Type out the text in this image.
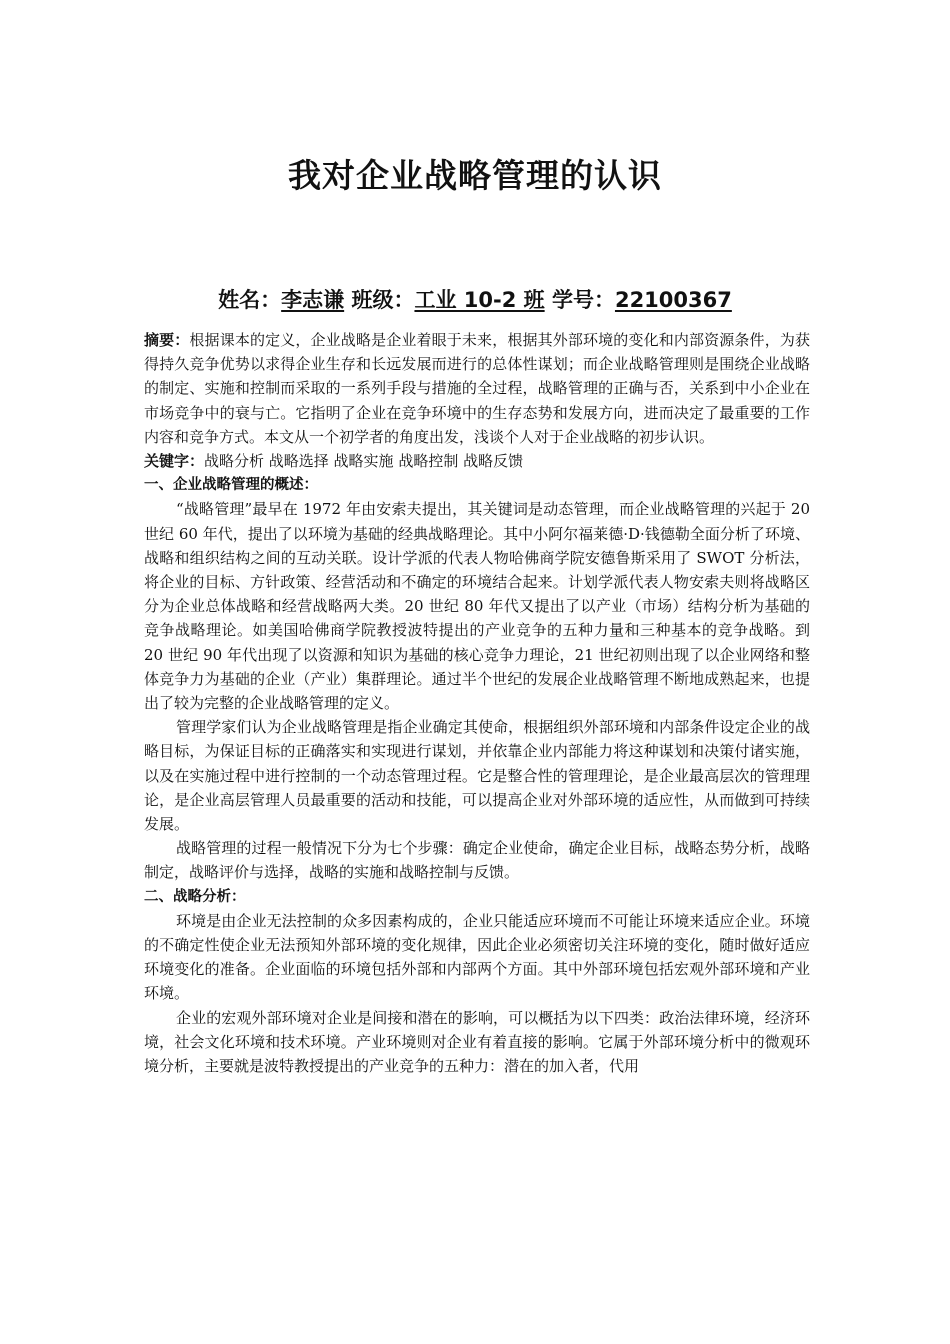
我对企业战略管理的认识
姓名：李志谦 班级：工业 10-2 班 学号：22100367

摘要：根据课本的定义，企业战略是企业着眼于未来，根据其外部环境的变化和内部资源条件，为获得持久竞争优势以求得企业生存和长远发展而进行的总体性谋划；而企业战略管理则是围绕企业战略的制定、实施和控制而采取的一系列手段与措施的全过程，战略管理的正确与否，关系到中小企业在市场竞争中的衰与亡。它指明了企业在竞争环境中的生存态势和发展方向，进而决定了最重要的工作内容和竞争方式。本文从一个初学者的角度出发，浅谈个人对于企业战略的初步认识。

关键字：战略分析 战略选择 战略实施 战略控制 战略反馈

一、企业战略管理的概述：

“战略管理”最早在 1972 年由安索夫提出，其关键词是动态管理，而企业战略管理的兴起于 20 世纪 60 年代，提出了以环境为基础的经典战略理论。其中小阿尔福莱德·D·钱德勒全面分析了环境、战略和组织结构之间的互动关联。设计学派的代表人物哈佛商学院安德鲁斯采用了 SWOT 分析法，将企业的目标、方针政策、经营活动和不确定的环境结合起来。计划学派代表人物安索夫则将战略区分为企业总体战略和经营战略两大类。20 世纪 80 年代又提出了以产业（市场）结构分析为基础的竞争战略理论。如美国哈佛商学院教授波特提出的产业竞争的五种力量和三种基本的竞争战略。到 20 世纪 90 年代出现了以资源和知识为基础的核心竞争力理论，21 世纪初则出现了以企业网络和整体竞争力为基础的企业（产业）集群理论。通过半个世纪的发展企业战略管理不断地成熟起来，也提出了较为完整的企业战略管理的定义。

管理学家们认为企业战略管理是指企业确定其使命，根据组织外部环境和内部条件设定企业的战略目标，为保证目标的正确落实和实现进行谋划，并依靠企业内部能力将这种谋划和决策付诸实施，以及在实施过程中进行控制的一个动态管理过程。它是整合性的管理理论，是企业最高层次的管理理论，是企业高层管理人员最重要的活动和技能，可以提高企业对外部环境的适应性，从而做到可持续发展。

战略管理的过程一般情况下分为七个步骤：确定企业使命，确定企业目标，战略态势分析，战略制定，战略评价与选择，战略的实施和战略控制与反馈。

二、战略分析：

环境是由企业无法控制的众多因素构成的，企业只能适应环境而不可能让环境来适应企业。环境的不确定性使企业无法预知外部环境的变化规律，因此企业必须密切关注环境的变化，随时做好适应环境变化的准备。企业面临的环境包括外部和内部两个方面。其中外部环境包括宏观外部环境和产业环境。

企业的宏观外部环境对企业是间接和潜在的影响，可以概括为以下四类：政治法律环境，经济环境，社会文化环境和技术环境。产业环境则对企业有着直接的影响。它属于外部环境分析中的微观环境分析，主要就是波特教授提出的产业竞争的五种力：潜在的加入者，代用
